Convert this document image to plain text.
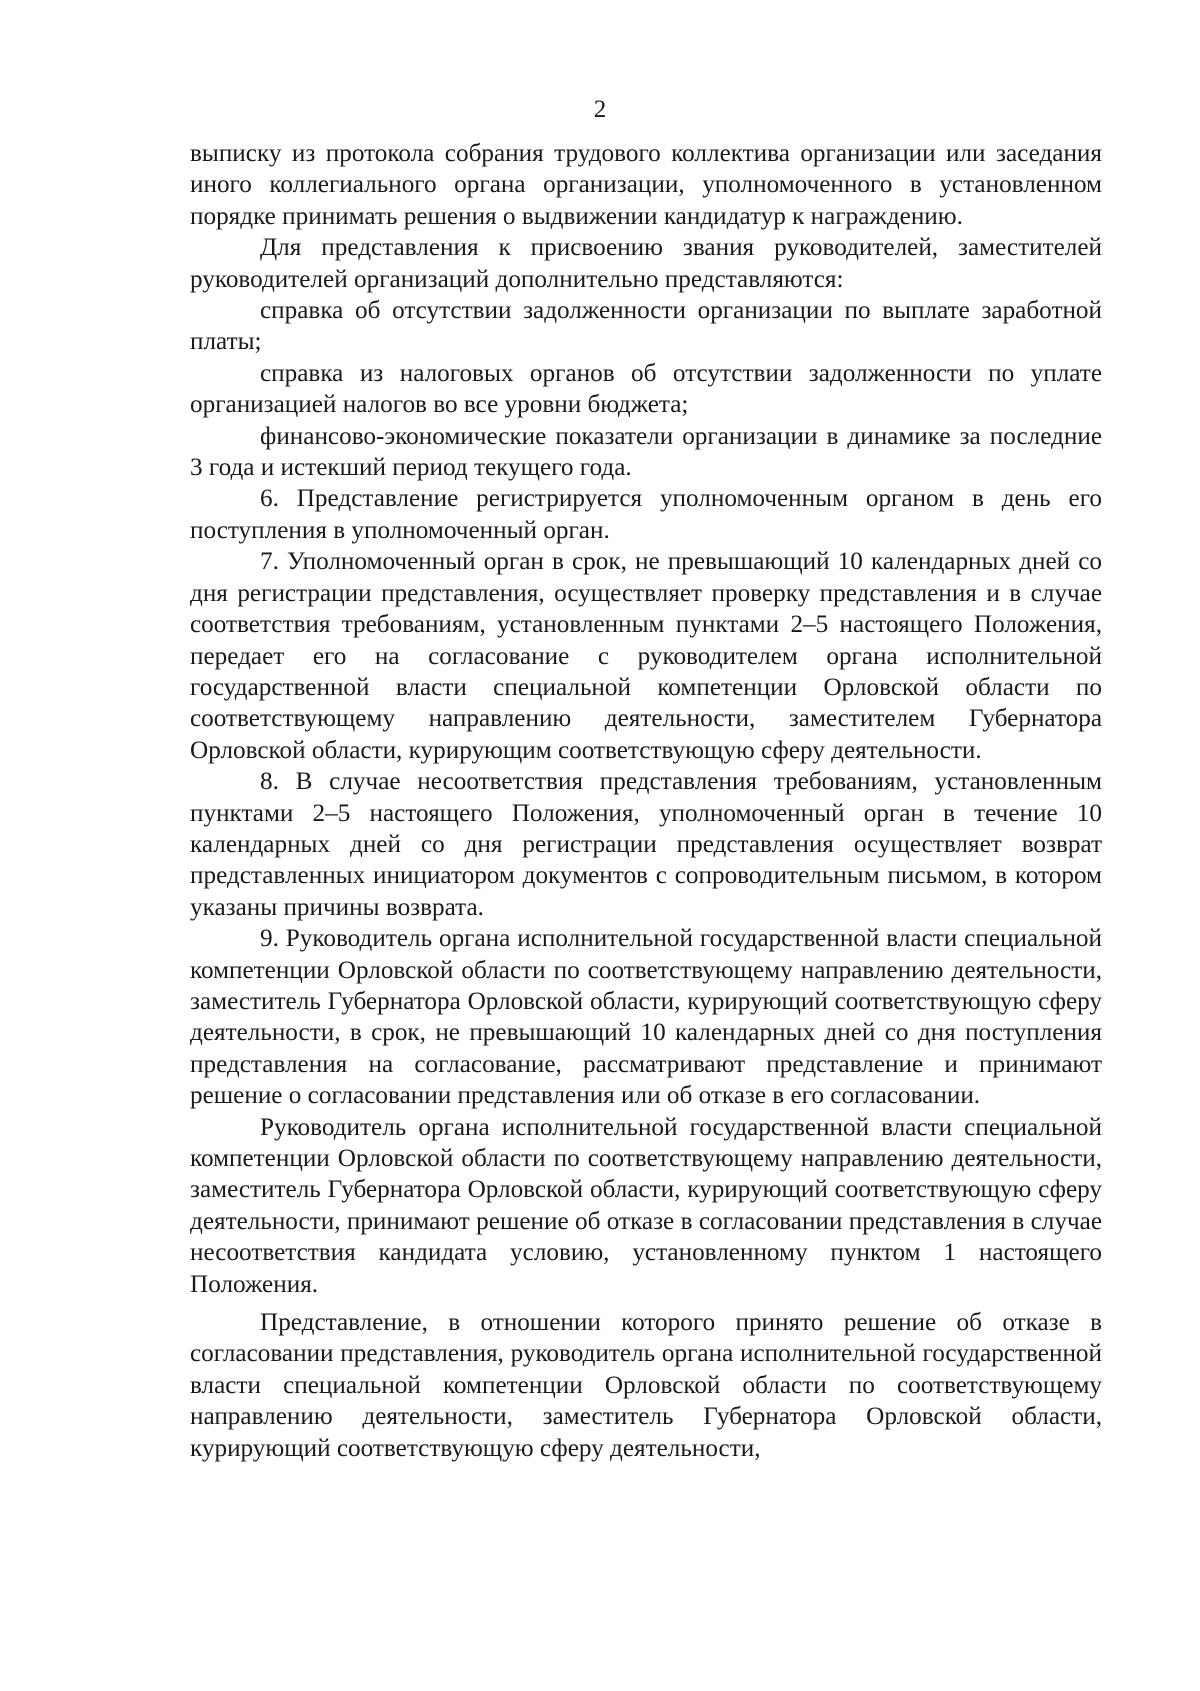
2

выписку из протокола собрания трудового коллектива организации или заседания иного коллегиального органа организации, уполномоченного в установленном порядке принимать решения о выдвижении кандидатур к награждению.

Для представления к присвоению звания руководителей, заместителей руководителей организаций дополнительно представляются:

справка об отсутствии задолженности организации по выплате заработной платы;

справка из налоговых органов об отсутствии задолженности по уплате организацией налогов во все уровни бюджета;

финансово-экономические показатели организации в динамике за последние 3 года и истекший период текущего года.

6. Представление регистрируется уполномоченным органом в день его поступления в уполномоченный орган.

7. Уполномоченный орган в срок, не превышающий 10 календарных дней со дня регистрации представления, осуществляет проверку представления и в случае соответствия требованиям, установленным пунктами 2–5 настоящего Положения, передает его на согласование с руководителем органа исполнительной государственной власти специальной компетенции Орловской области по соответствующему направлению деятельности, заместителем Губернатора Орловской области, курирующим соответствующую сферу деятельности.

8. В случае несоответствия представления требованиям, установленным пунктами 2–5 настоящего Положения, уполномоченный орган в течение 10 календарных дней со дня регистрации представления осуществляет возврат представленных инициатором документов с сопроводительным письмом, в котором указаны причины возврата.

9. Руководитель органа исполнительной государственной власти специальной компетенции Орловской области по соответствующему направлению деятельности, заместитель Губернатора Орловской области, курирующий соответствующую сферу деятельности, в срок, не превышающий 10 календарных дней со дня поступления представления на согласование, рассматривают представление и принимают решение о согласовании представления или об отказе в его согласовании.

Руководитель органа исполнительной государственной власти специальной компетенции Орловской области по соответствующему направлению деятельности, заместитель Губернатора Орловской области, курирующий соответствующую сферу деятельности, принимают решение об отказе в согласовании представления в случае несоответствия кандидата условию, установленному пунктом 1 настоящего Положения.

Представление, в отношении которого принято решение об отказе в согласовании представления, руководитель органа исполнительной государственной власти специальной компетенции Орловской области по соответствующему направлению деятельности, заместитель Губернатора Орловской области, курирующий соответствующую сферу деятельности,
